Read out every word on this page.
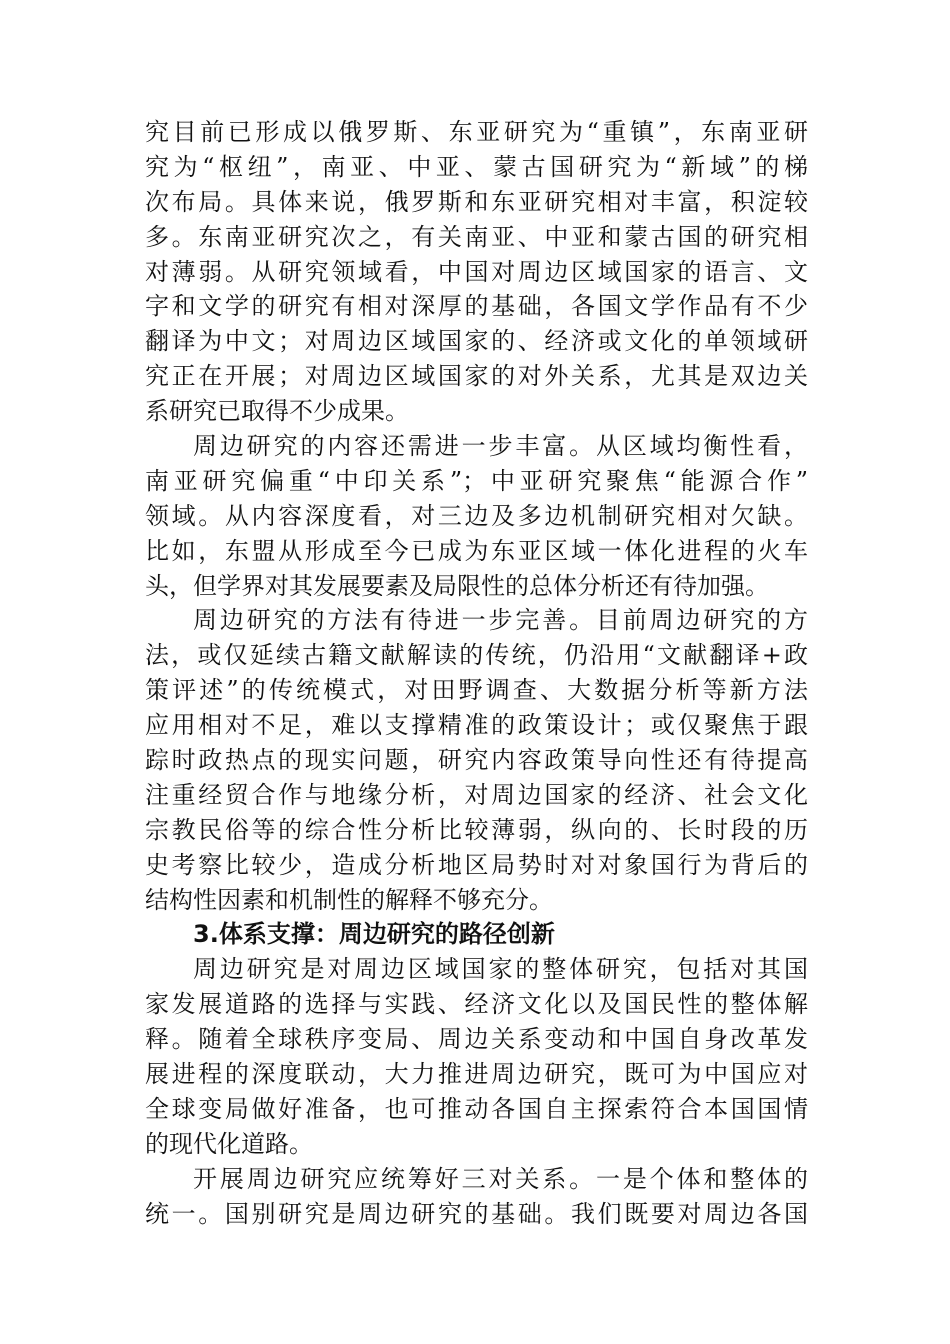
究目前已形成以俄罗斯、东亚研究为“重镇”，东南亚研
究为“枢纽”，南亚、中亚、蒙古国研究为“新域”的梯
次布局。具体来说，俄罗斯和东亚研究相对丰富，积淀较
多。东南亚研究次之，有关南亚、中亚和蒙古国的研究相
对薄弱。从研究领域看，中国对周边区域国家的语言、文
字和文学的研究有相对深厚的基础，各国文学作品有不少
翻译为中文；对周边区域国家的、经济或文化的单领域研
究正在开展；对周边区域国家的对外关系，尤其是双边关
系研究已取得不少成果。
周边研究的内容还需进一步丰富。从区域均衡性看，
南亚研究偏重“中印关系”；中亚研究聚焦“能源合作”
领域。从内容深度看，对三边及多边机制研究相对欠缺。
比如，东盟从形成至今已成为东亚区域一体化进程的火车
头，但学界对其发展要素及局限性的总体分析还有待加强。
周边研究的方法有待进一步完善。目前周边研究的方
法，或仅延续古籍文献解读的传统，仍沿用“文献翻译+政
策评述”的传统模式，对田野调查、大数据分析等新方法
应用相对不足，难以支撑精准的政策设计；或仅聚焦于跟
踪时政热点的现实问题，研究内容政策导向性还有待提高
注重经贸合作与地缘分析，对周边国家的经济、社会文化
宗教民俗等的综合性分析比较薄弱，纵向的、长时段的历
史考察比较少，造成分析地区局势时对对象国行为背后的
结构性因素和机制性的解释不够充分。
3.体系支撑：周边研究的路径创新
周边研究是对周边区域国家的整体研究，包括对其国
家发展道路的选择与实践、经济文化以及国民性的整体解
释。随着全球秩序变局、周边关系变动和中国自身改革发
展进程的深度联动，大力推进周边研究，既可为中国应对
全球变局做好准备，也可推动各国自主探索符合本国国情
的现代化道路。
开展周边研究应统筹好三对关系。一是个体和整体的
统一。国别研究是周边研究的基础。我们既要对周边各国
